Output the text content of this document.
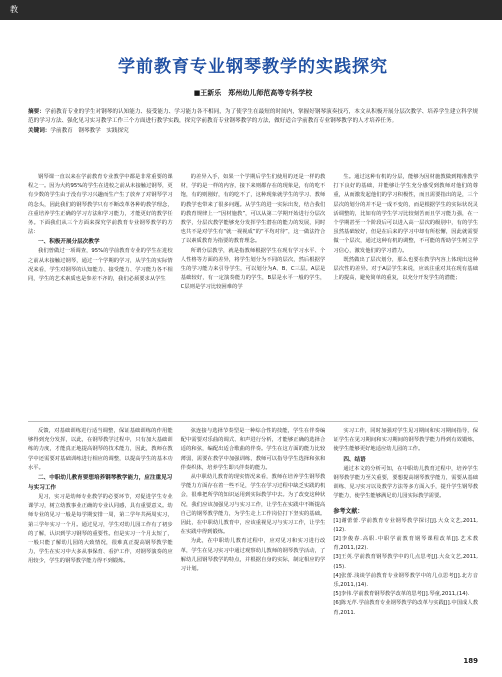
教
学前教育专业钢琴教学的实践探究
■王新乐　郑州幼儿师范高等专科学校
摘要：学前教育专业的学生对钢琴的认知能力、接受能力、学习能力各不相同，为了使学生在最短的时间内，掌握好钢琴演奏技巧，本文从积极开展分层次教学、培养学生建立科学规范的学习方法、强化见习实习教学工作三个方面进行教学实践，探究学前教育专业钢琴教学的方法，做好适合学前教育专业钢琴教学的人才培养任务。
关键词：学前教育　钢琴教学　实践探究

钢琴课一直以来在学前教育专业教学中都是非常重要的课程之一。因为大约95%的学生在进校之前从未接触过钢琴，更有少数的学生由于没有学习兴趣而生产生了放弃了对钢琴学习的念头，因此我们的钢琴教学只有不断改革各种的教学理念，注重培养学生正确的学习方法和学习能力，才能更好的教学任务。下面我们从三个方面来探究学前教育专业钢琴教学的方法：

一、积极开展分层次教学

我们曾做过一项调查，95%的学前教育专业的学生在进校之前从未接触过钢琴，通过一个学期的学习，从学生的实际情况来看，学生对钢琴的认知能力、接受能力、学习能力各不相同，学生的艺术素质也是参差不齐的，我们必须要求从学生

的差异入手，如果一个学期后学生们使用的还是一样的教材，学的是一样的内容，接下来则都存在的现象是，有的吃不饱，有的则刚好，有的吃不了，这种现象就学生的学习、教师的教学也带来了很多问题。从学生的进一实际出发，结合我们的教育规律上一“因材施教”，可以从第二学期开始进行分层次教学，分层次教学能够充分发挥学生潜在的能力的发展，同时也共不是对学生有“就一视视成”的“平均对待”，这一做法符合了以素质教育为指要的教育理念。

所谓分层教学，就是指教师根据学生在现有学习水平、个人性格等方面的差异，将学生划分为不同的层次，然后根据学生的学习能力来引导学生，可以划分为A、B、C三层。A层是基础较好，有一定演奏能力的学生，B层是水平一般的学生，C层则是学习比较困难的学

生。通过这种有机的分层，能够为因材施教做到精准教学打下良好的基础，并能够让学生充分感受到教师对他们的尊重，从而激发起他们的学习积极性，而且需要指出的是，三个层次的划分的并不是一成不变的，而是根据学生的实际状况灵活调整的，比如有的学生学习比较刻苦而且学习能力强，在一个学期甚至一个阶段后可以进入高一层次的级别中，有的学生虽然基础较好，但是在后来的学习中却有所松懈，因此就需要做一个层次，通过这种有机的调整，不可能的帮助学生树立学习信心，激发他们的学习潜力。

既然做出了层次划分，那么也要在教学内容上体现出这种层次性的差异。对于A层学生来说，应该注重对其在现有基础上的提高，避免简单的重复，以充分开发学生的潜能；

反馈，对基础训练进行适当调整，保证基础训练的作用能够得到充分发挥，以此，在钢琴教学过程中，只有加大基础训练的力度，才能真正地提高钢琴的技术能力，因此，教师在教学中还需要对基础训练进行相应的调整，以提高学生的基本功水平。

二、中职幼儿教育要想培养钢琴教学能力，应注重见习与实习工作

见习，实习是幼师专业教学的必要环节，对促进学生专业课学习，树立幼教事业正确的专业认同感，具有重要意义。幼师专业的见习一般是每学期安排一周，第二学年共两周实习，第三学年实习一个月。通过见习，学生对幼儿园工作有了初步的了解，认识到学习钢琴的重要性。但是实习一个月太短了，一般只能了解幼儿园的大致情况，很难真正提高钢琴教学能力，学生在实习中大多从事保育、看护工作，对钢琴演奏的应用较少，学生的钢琴教学能力得不到锻炼。

弦连接与选择节奏型是一种综合性的技能，学生在伴奏编配中需要对乐曲的调式、和声进行分析，才能够正确的选择合适的和弦，编配出适合歌曲的伴奏。学生在这方面的能力比较薄弱，需要在教学中加强训练，教师可以指导学生选择和弦和伴奏织体，培养学生即兴伴奏的能力。

从中职幼儿教育的现实情况来看，教师在培养学生钢琴教学能力方面存在着一些不足，学生在学习过程中缺乏实践的机会，很难把所学的知识运用到实际教学中去。为了改变这种状况，我们应该加强见习与实习工作，让学生在实践中不断提高自己的钢琴教学能力，为学生走上工作岗位打下坚实的基础。因此，在中职幼儿教育中，应该重视见习与实习工作，让学生在实践中得到锻炼。

为此，在中职幼儿教育过程中，应对见习和实习进行改革，学生在见习实习中通过观察幼儿教师的钢琴教学活动，了解幼儿园钢琴教学的特点，并根据自身的实际，制定相应的学习计划。

实习工作，同时加强对学生见习期间和实习期间指导，保证学生在见习期间和实习期间的钢琴教学能力得到有效锻炼，使学生能够更好地适应幼儿园的工作。

四、结语

通过本文的分析可知，在中职幼儿教育过程中，培养学生钢琴教学能力至关重要，要想提高钢琴教学能力，需要从基础训练、见习实习以及教学方法等多方面入手，提升学生钢琴教学能力，使学生能够满足幼儿园实际教学需要。

参考文献：

[1]谢蕾蕾.学前教育专业钢琴教学探讨[J].大众文艺,2011,(12).

[2]李俊春.高职.中职学前教育钢琴课程改革[J].艺术教育,2011,(22).

[3]王英.学前教育钢琴教学中的几点思考[J].大众文艺,2011,(15).

[4]张蕾.浅谈学前教育专业钢琴教学中的几点思考[J].北方音乐,2011,(14).

[5]李伟.学前教育钢琴教学改革的思考[J].琴童,2011,(14).

[6]陈无芹.学前教育专业钢琴教学的改革与实践[J].中国成人教育,2011.

189
